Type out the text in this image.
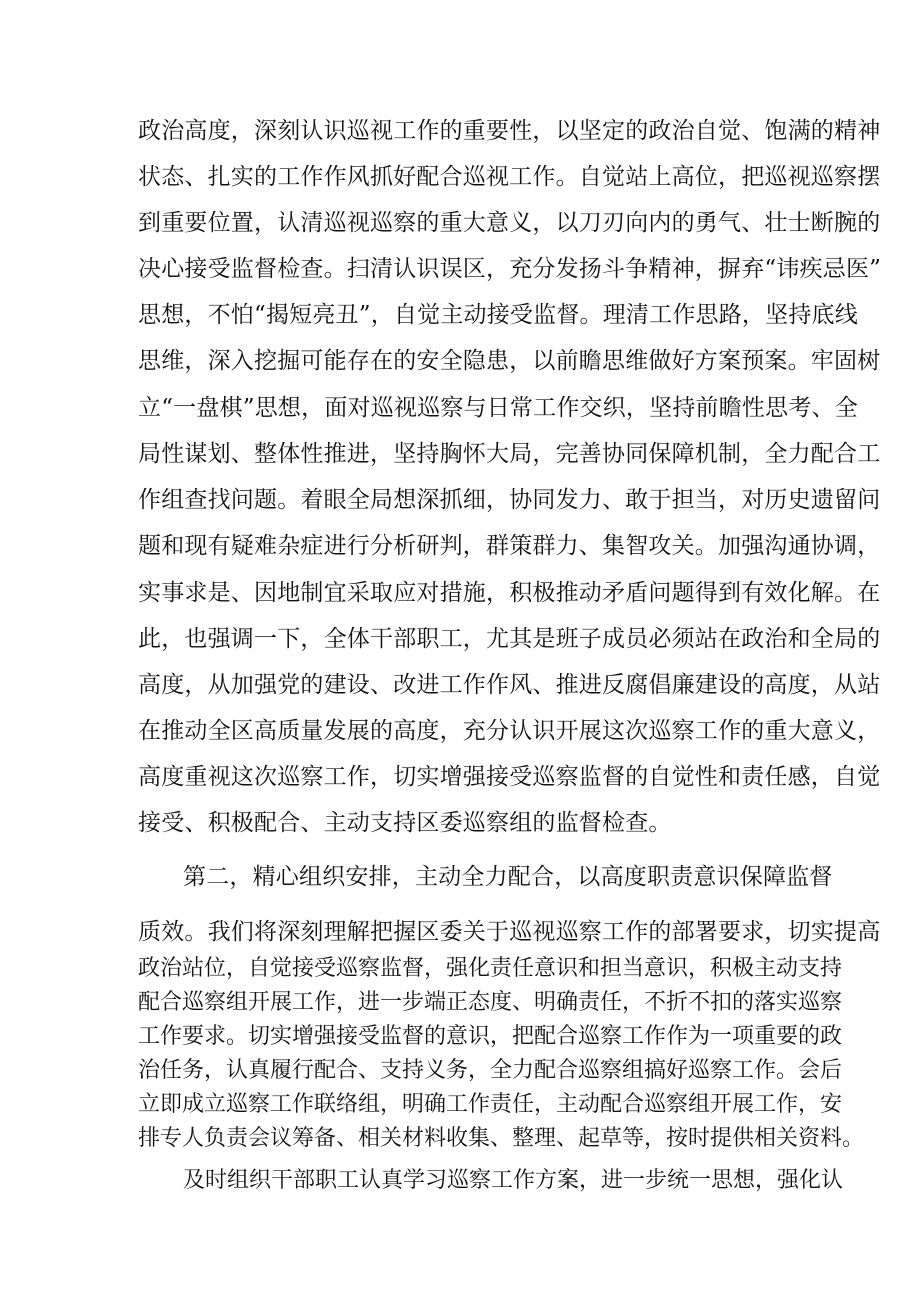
政治高度，深刻认识巡视工作的重要性，以坚定的政治自觉、饱满的精神
状态、扎实的工作作风抓好配合巡视工作。自觉站上高位，把巡视巡察摆
到重要位置，认清巡视巡察的重大意义，以刀刃向内的勇气、壮士断腕的
决心接受监督检查。扫清认识误区，充分发扬斗争精神，摒弃“讳疾忌医”
思想，不怕“揭短亮丑”，自觉主动接受监督。理清工作思路，坚持底线
思维，深入挖掘可能存在的安全隐患，以前瞻思维做好方案预案。牢固树
立“一盘棋”思想，面对巡视巡察与日常工作交织，坚持前瞻性思考、全
局性谋划、整体性推进，坚持胸怀大局，完善协同保障机制，全力配合工
作组查找问题。着眼全局想深抓细，协同发力、敢于担当，对历史遗留问
题和现有疑难杂症进行分析研判，群策群力、集智攻关。加强沟通协调，
实事求是、因地制宜采取应对措施，积极推动矛盾问题得到有效化解。在
此，也强调一下，全体干部职工，尤其是班子成员必须站在政治和全局的
高度，从加强党的建设、改进工作作风、推进反腐倡廉建设的高度，从站
在推动全区高质量发展的高度，充分认识开展这次巡察工作的重大意义，
高度重视这次巡察工作，切实增强接受巡察监督的自觉性和责任感，自觉
接受、积极配合、主动支持区委巡察组的监督检查。
第二，精心组织安排，主动全力配合，以高度职责意识保障监督
质效。我们将深刻理解把握区委关于巡视巡察工作的部署要求，切实提高
政治站位，自觉接受巡察监督，强化责任意识和担当意识，积极主动支持
配合巡察组开展工作，进一步端正态度、明确责任，不折不扣的落实巡察
工作要求。切实增强接受监督的意识，把配合巡察工作作为一项重要的政
治任务，认真履行配合、支持义务，全力配合巡察组搞好巡察工作。会后
立即成立巡察工作联络组，明确工作责任，主动配合巡察组开展工作，安
排专人负责会议筹备、相关材料收集、整理、起草等，按时提供相关资料。
及时组织干部职工认真学习巡察工作方案，进一步统一思想，强化认
